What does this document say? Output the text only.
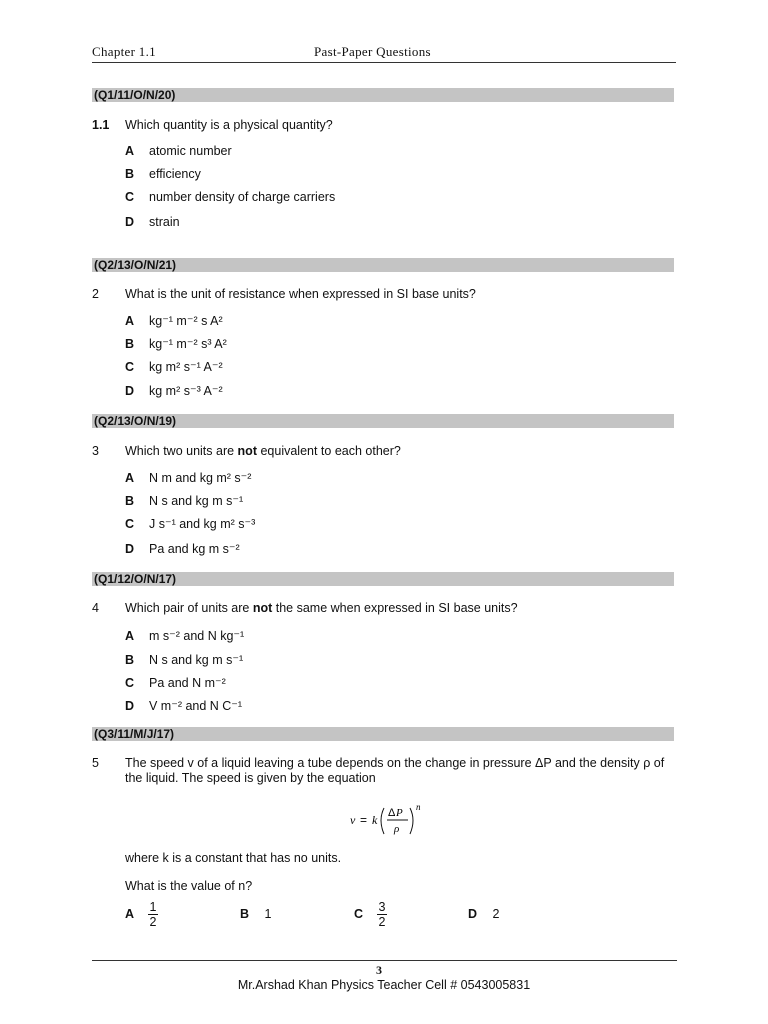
Chapter 1.1	Past-Paper Questions
(Q1/11/O/N/20)
1.1 Which quantity is a physical quantity?
A atomic number
B efficiency
C number density of charge carriers
D strain
(Q2/13/O/N/21)
2 What is the unit of resistance when expressed in SI base units?
A kg⁻¹ m⁻² s A²
B kg⁻¹ m⁻² s³ A²
C kg m² s⁻¹ A⁻²
D kg m² s⁻³ A⁻²
(Q2/13/O/N/19)
3 Which two units are not equivalent to each other?
A N m and kg m² s⁻²
B N s and kg m s⁻¹
C J s⁻¹ and kg m² s⁻³
D Pa and kg m s⁻²
(Q1/12/O/N/17)
4 Which pair of units are not the same when expressed in SI base units?
A m s⁻² and N kg⁻¹
B N s and kg m s⁻¹
C Pa and N m⁻²
D V m⁻² and N C⁻¹
(Q3/11/M/J/17)
5 The speed v of a liquid leaving a tube depends on the change in pressure ΔP and the density ρ of
the liquid. The speed is given by the equation
v = k Δ P
ρ
n
where k is a constant that has no units.
What is the value of n?
A $\frac{1}{2}$	B 1	C $\frac{3}{2}$	D 2
3
Mr.Arshad Khan Physics Teacher Cell # 0543005831
